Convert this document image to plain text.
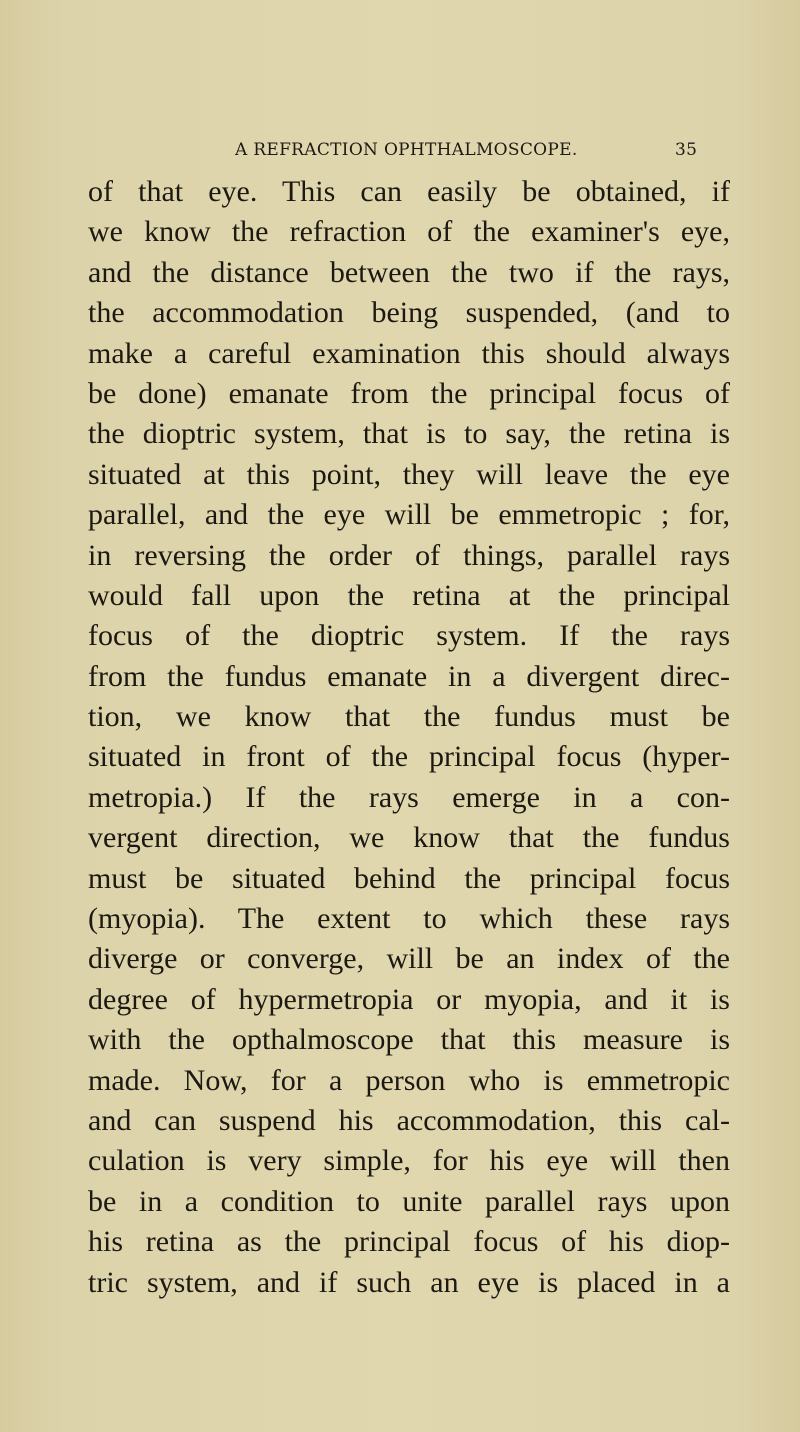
A REFRACTION OPHTHALMOSCOPE.	35
of that eye. This can easily be obtained, if
we know the refraction of the examiner's eye,
and the distance between the two if the rays,
the accommodation being suspended, (and to
make a careful examination this should always
be done) emanate from the principal focus of
the dioptric system, that is to say, the retina is
situated at this point, they will leave the eye
parallel, and the eye will be emmetropic ; for,
in reversing the order of things, parallel rays
would fall upon the retina at the principal
focus of the dioptric system. If the rays
from the fundus emanate in a divergent direc-
tion, we know that the fundus must be
situated in front of the principal focus (hyper-
metropia.) If the rays emerge in a con-
vergent direction, we know that the fundus
must be situated behind the principal focus
(myopia). The extent to which these rays
diverge or converge, will be an index of the
degree of hypermetropia or myopia, and it is
with the opthalmoscope that this measure is
made. Now, for a person who is emmetropic
and can suspend his accommodation, this cal-
culation is very simple, for his eye will then
be in a condition to unite parallel rays upon
his retina as the principal focus of his diop-
tric system, and if such an eye is placed in a
